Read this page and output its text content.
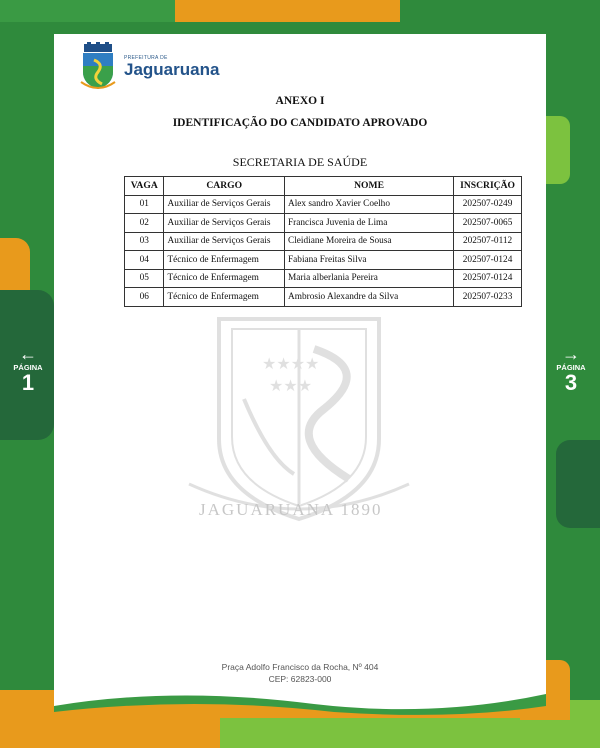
←
PÁGINA
1
→
PÁGINA
3
PREFEITURA DE
Jaguaruana
ANEXO I
IDENTIFICAÇÃO DO CANDIDATO APROVADO
SECRETARIA DE SAÚDE
★★★★
★★★
JAGUARUANA 1890
VAGA	CARGO	NOME	INSCRIÇÃO
01	Auxiliar de Serviços Gerais	Alex sandro Xavier Coelho	202507-0249
02	Auxiliar de Serviços Gerais	Francisca Juvenia de Lima	202507-0065
03	Auxiliar de Serviços Gerais	Cleidiane Moreira de Sousa	202507-0112
04	Técnico de Enfermagem	Fabiana Freitas Silva	202507-0124
05	Técnico de Enfermagem	Maria alberlania Pereira	202507-0124
06	Técnico de Enfermagem	Ambrosio Alexandre da Silva	202507-0233
Praça Adolfo Francisco da Rocha, Nº 404
CEP: 62823-000
